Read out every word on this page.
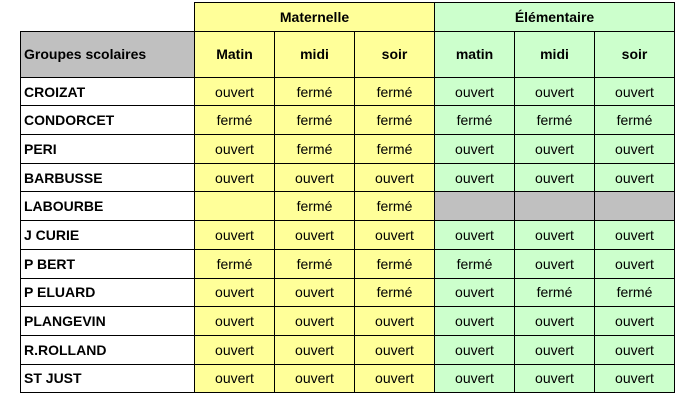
	Maternelle			Élémentaire		
Groupes scolaires	Matin	midi	soir	matin	midi	soir
CROIZAT	ouvert	fermé	fermé	ouvert	ouvert	ouvert
CONDORCET	fermé	fermé	fermé	fermé	fermé	fermé
PERI	ouvert	fermé	fermé	ouvert	ouvert	ouvert
BARBUSSE	ouvert	ouvert	ouvert	ouvert	ouvert	ouvert
LABOURBE		fermé	fermé			
J CURIE	ouvert	ouvert	ouvert	ouvert	ouvert	ouvert
P BERT	fermé	fermé	fermé	fermé	ouvert	ouvert
P ELUARD	ouvert	ouvert	fermé	ouvert	fermé	fermé
PLANGEVIN	ouvert	ouvert	ouvert	ouvert	ouvert	ouvert
R.ROLLAND	ouvert	ouvert	ouvert	ouvert	ouvert	ouvert
ST JUST	ouvert	ouvert	ouvert	ouvert	ouvert	ouvert
